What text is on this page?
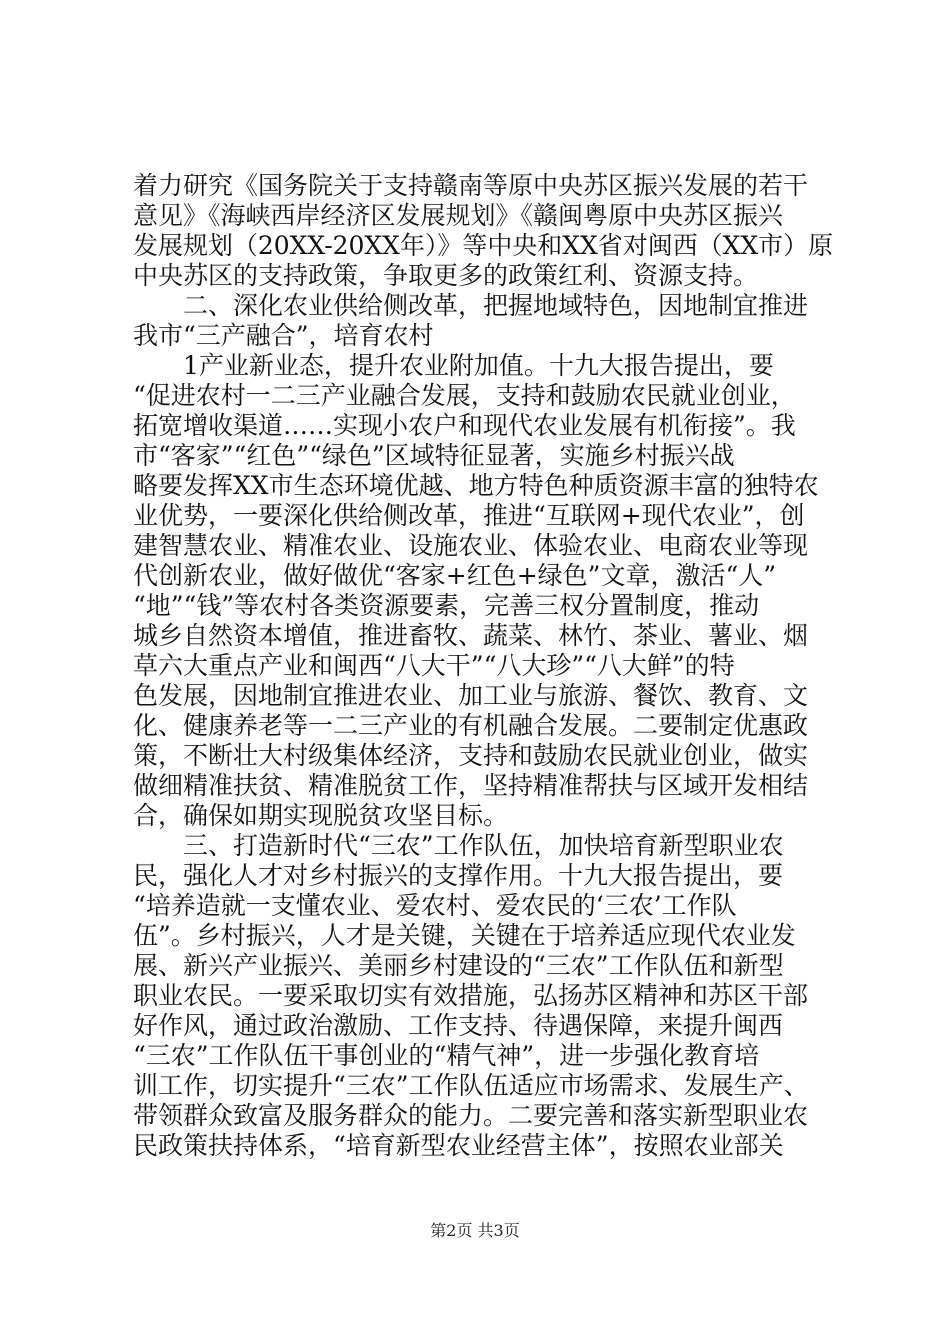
着力研究《国务院关于支持赣南等原中央苏区振兴发展的若干
意见》《海峡西岸经济区发展规划》《赣闽粤原中央苏区振兴
发展规划（20XX-20XX年）》等中央和XX省对闽西（XX市）原
中央苏区的支持政策，争取更多的政策红利、资源支持。
　　二、深化农业供给侧改革，把握地域特色，因地制宜推进
我市“三产融合”，培育农村
　　1产业新业态，提升农业附加值。十九大报告提出，要
“促进农村一二三产业融合发展，支持和鼓励农民就业创业，
拓宽增收渠道……实现小农户和现代农业发展有机衔接”。我
市“客家”“红色”“绿色”区域特征显著，实施乡村振兴战
略要发挥XX市生态环境优越、地方特色种质资源丰富的独特农
业优势，一要深化供给侧改革，推进“互联网+现代农业”，创
建智慧农业、精准农业、设施农业、体验农业、电商农业等现
代创新农业，做好做优“客家+红色+绿色”文章，激活“人”
“地”“钱”等农村各类资源要素，完善三权分置制度，推动
城乡自然资本增值，推进畜牧、蔬菜、林竹、茶业、薯业、烟
草六大重点产业和闽西“八大干”“八大珍”“八大鲜”的特
色发展，因地制宜推进农业、加工业与旅游、餐饮、教育、文
化、健康养老等一二三产业的有机融合发展。二要制定优惠政
策，不断壮大村级集体经济，支持和鼓励农民就业创业，做实
做细精准扶贫、精准脱贫工作，坚持精准帮扶与区域开发相结
合，确保如期实现脱贫攻坚目标。
　　三、打造新时代“三农”工作队伍，加快培育新型职业农
民，强化人才对乡村振兴的支撑作用。十九大报告提出，要
“培养造就一支懂农业、爱农村、爱农民的‘三农’工作队
伍”。乡村振兴，人才是关键，关键在于培养适应现代农业发
展、新兴产业振兴、美丽乡村建设的“三农”工作队伍和新型
职业农民。一要采取切实有效措施，弘扬苏区精神和苏区干部
好作风，通过政治激励、工作支持、待遇保障，来提升闽西
“三农”工作队伍干事创业的“精气神”，进一步强化教育培
训工作，切实提升“三农”工作队伍适应市场需求、发展生产、
带领群众致富及服务群众的能力。二要完善和落实新型职业农
民政策扶持体系，“培育新型农业经营主体”，按照农业部关
第2页 共3页
